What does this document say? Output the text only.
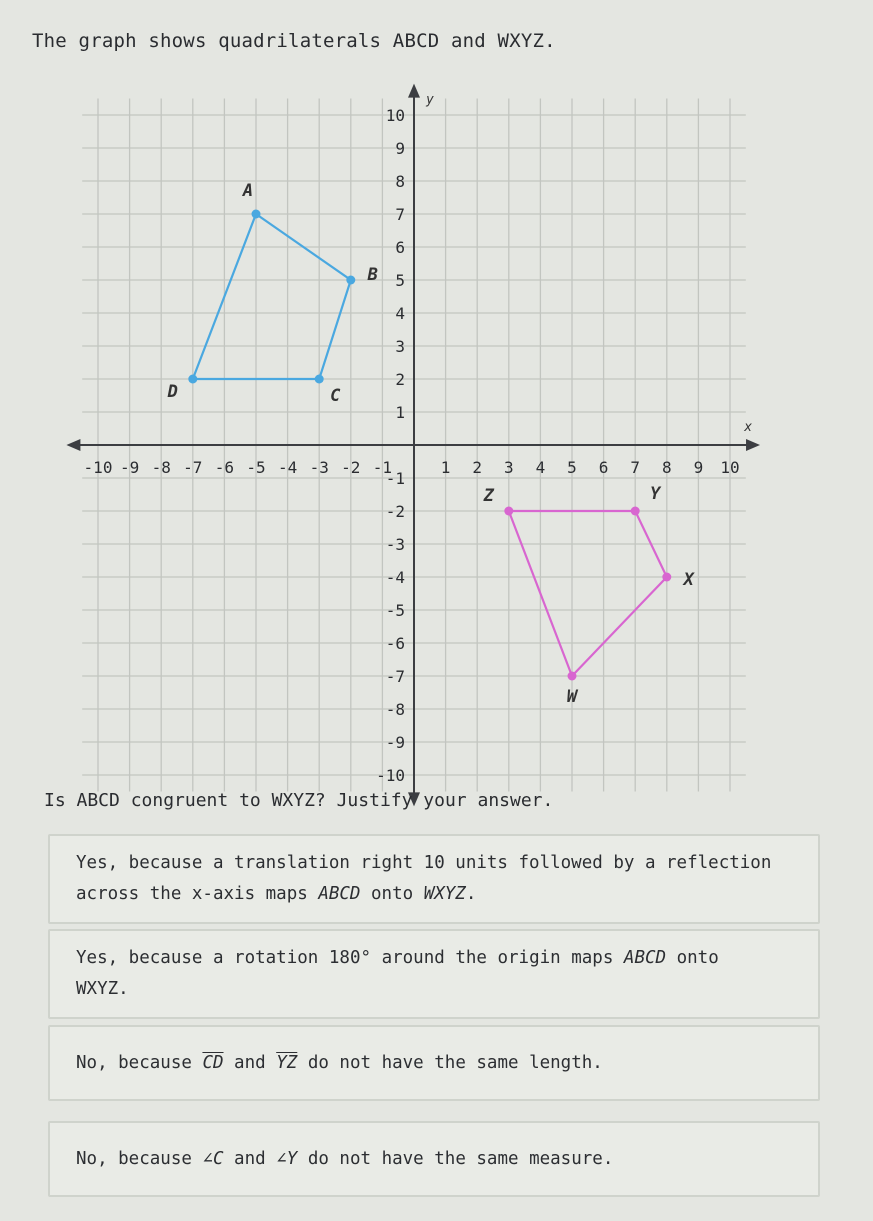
The graph shows quadrilaterals ABCD and WXYZ.
x
y
-10 -9 -8 -7 -6 -5 -4 -3 -2 -1	1 2 3 4 5 6 7 8 9 10
10
9
8
7
6
5
4
3
2
1
-1
-2
-3
-4
-5
-6
-7
-8
-9
-10
A
B
C
D
W
X
Y
Z
Is ABCD congruent to WXYZ? Justify your answer.
Yes, because a translation right 10 units followed by a reflection
across the x-axis maps ABCD onto WXYZ.
Yes, because a rotation 180° around the origin maps ABCD onto
WXYZ.
No, because $\overline{CD}$ and $\overline{YZ}$ do not have the same length.
No, because ∠C and ∠Y do not have the same measure.
